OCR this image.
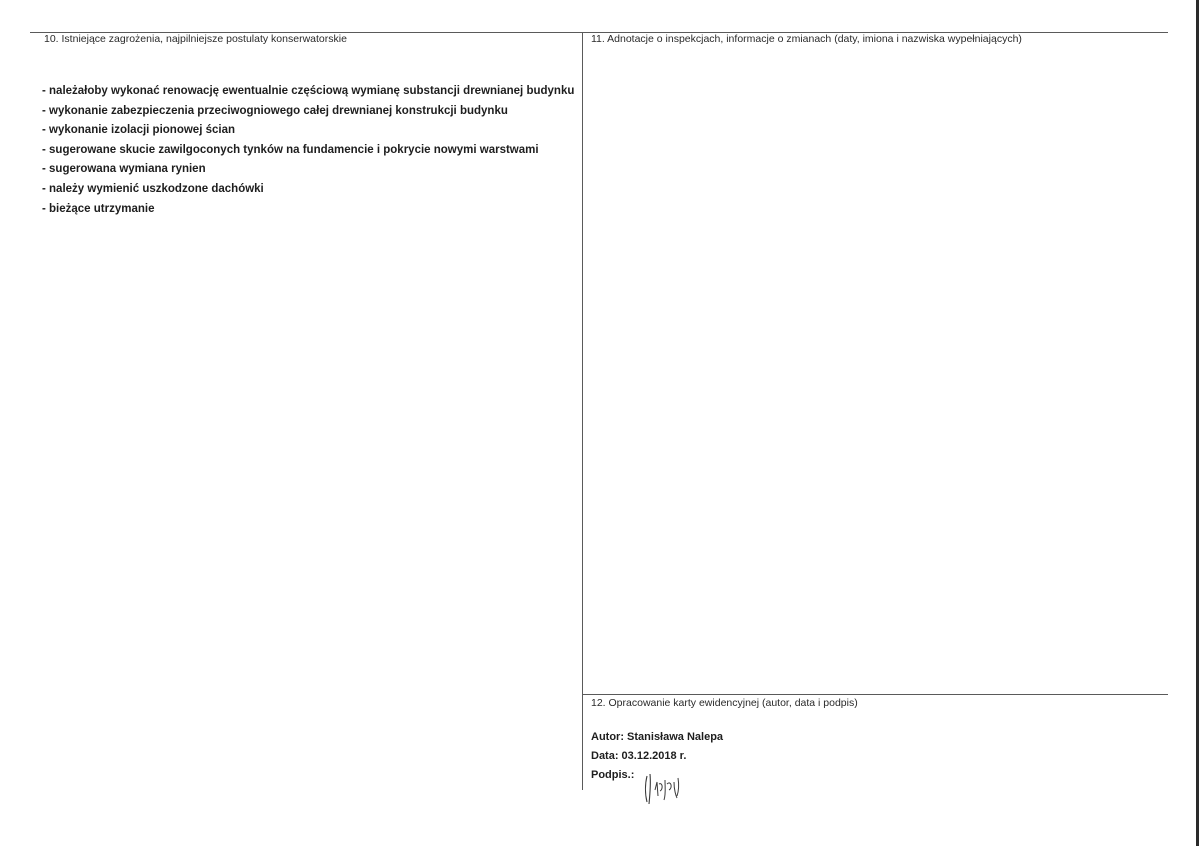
10. Istniejące zagrożenia, najpilniejsze postulaty konserwatorskie	11. Adnotacje o inspekcjach, informacje o zmianach (daty, imiona i nazwiska wypełniających)
12. Opracowanie karty ewidencyjnej (autor, data i podpis)
- należałoby wykonać renowację ewentualnie częściową wymianę substancji drewnianej budynku
- wykonanie zabezpieczenia przeciwogniowego całej drewnianej konstrukcji budynku
- wykonanie izolacji pionowej ścian
- sugerowane skucie zawilgoconych tynków na fundamencie i pokrycie nowymi warstwami
- sugerowana wymiana rynien
- należy wymienić uszkodzone dachówki
- bieżące utrzymanie
Autor: Stanisława Nalepa
Data: 03.12.2018 r.
Podpis.:
